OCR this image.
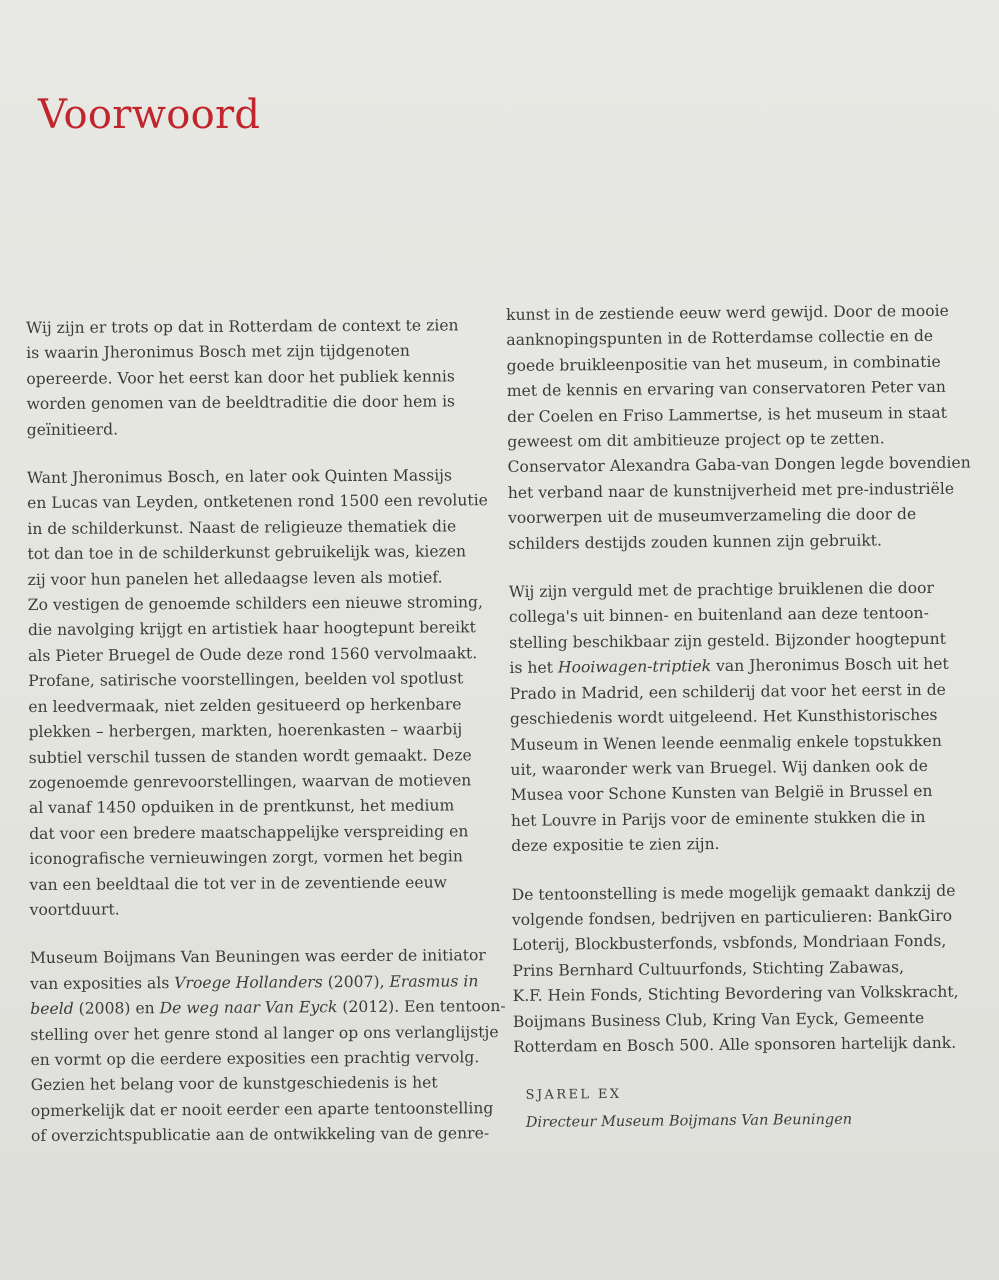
Voorwoord

Wij zijn er trots op dat in Rotterdam de context te zien
is waarin Jheronimus Bosch met zijn tijdgenoten
opereerde. Voor het eerst kan door het publiek kennis
worden genomen van de beeldtraditie die door hem is
geïnitieerd.

Want Jheronimus Bosch, en later ook Quinten Massijs
en Lucas van Leyden, ontketenen rond 1500 een revolutie
in de schilderkunst. Naast de religieuze thematiek die
tot dan toe in de schilderkunst gebruikelijk was, kiezen
zij voor hun panelen het alledaagse leven als motief.
Zo vestigen de genoemde schilders een nieuwe stroming,
die navolging krijgt en artistiek haar hoogtepunt bereikt
als Pieter Bruegel de Oude deze rond 1560 vervolmaakt.
Profane, satirische voorstellingen, beelden vol spotlust
en leedvermaak, niet zelden gesitueerd op herkenbare
plekken – herbergen, markten, hoerenkasten – waarbij
subtiel verschil tussen de standen wordt gemaakt. Deze
zogenoemde genrevoorstellingen, waarvan de motieven
al vanaf 1450 opduiken in de prentkunst, het medium
dat voor een bredere maatschappelijke verspreiding en
iconografische vernieuwingen zorgt, vormen het begin
van een beeldtaal die tot ver in de zeventiende eeuw
voortduurt.

Museum Boijmans Van Beuningen was eerder de initiator
van exposities als Vroege Hollanders (2007), Erasmus in
beeld (2008) en De weg naar Van Eyck (2012). Een tentoon-
stelling over het genre stond al langer op ons verlanglijstje
en vormt op die eerdere exposities een prachtig vervolg.
Gezien het belang voor de kunstgeschiedenis is het
opmerkelijk dat er nooit eerder een aparte tentoonstelling
of overzichtspublicatie aan de ontwikkeling van de genre-

kunst in de zestiende eeuw werd gewijd. Door de mooie
aanknopingspunten in de Rotterdamse collectie en de
goede bruikleenpositie van het museum, in combinatie
met de kennis en ervaring van conservatoren Peter van
der Coelen en Friso Lammertse, is het museum in staat
geweest om dit ambitieuze project op te zetten.
Conservator Alexandra Gaba-van Dongen legde bovendien
het verband naar de kunstnijverheid met pre-industriële
voorwerpen uit de museumverzameling die door de
schilders destijds zouden kunnen zijn gebruikt.

Wij zijn verguld met de prachtige bruiklenen die door
collega's uit binnen- en buitenland aan deze tentoon-
stelling beschikbaar zijn gesteld. Bijzonder hoogtepunt
is het Hooiwagen-triptiek van Jheronimus Bosch uit het
Prado in Madrid, een schilderij dat voor het eerst in de
geschiedenis wordt uitgeleend. Het Kunsthistorisches
Museum in Wenen leende eenmalig enkele topstukken
uit, waaronder werk van Bruegel. Wij danken ook de
Musea voor Schone Kunsten van België in Brussel en
het Louvre in Parijs voor de eminente stukken die in
deze expositie te zien zijn.

De tentoonstelling is mede mogelijk gemaakt dankzij de
volgende fondsen, bedrijven en particulieren: BankGiro
Loterij, Blockbusterfonds, vsbfonds, Mondriaan Fonds,
Prins Bernhard Cultuurfonds, Stichting Zabawas,
K.F. Hein Fonds, Stichting Bevordering van Volkskracht,
Boijmans Business Club, Kring Van Eyck, Gemeente
Rotterdam en Bosch 500. Alle sponsoren hartelijk dank.

SJAREL EX
Directeur Museum Boijmans Van Beuningen
